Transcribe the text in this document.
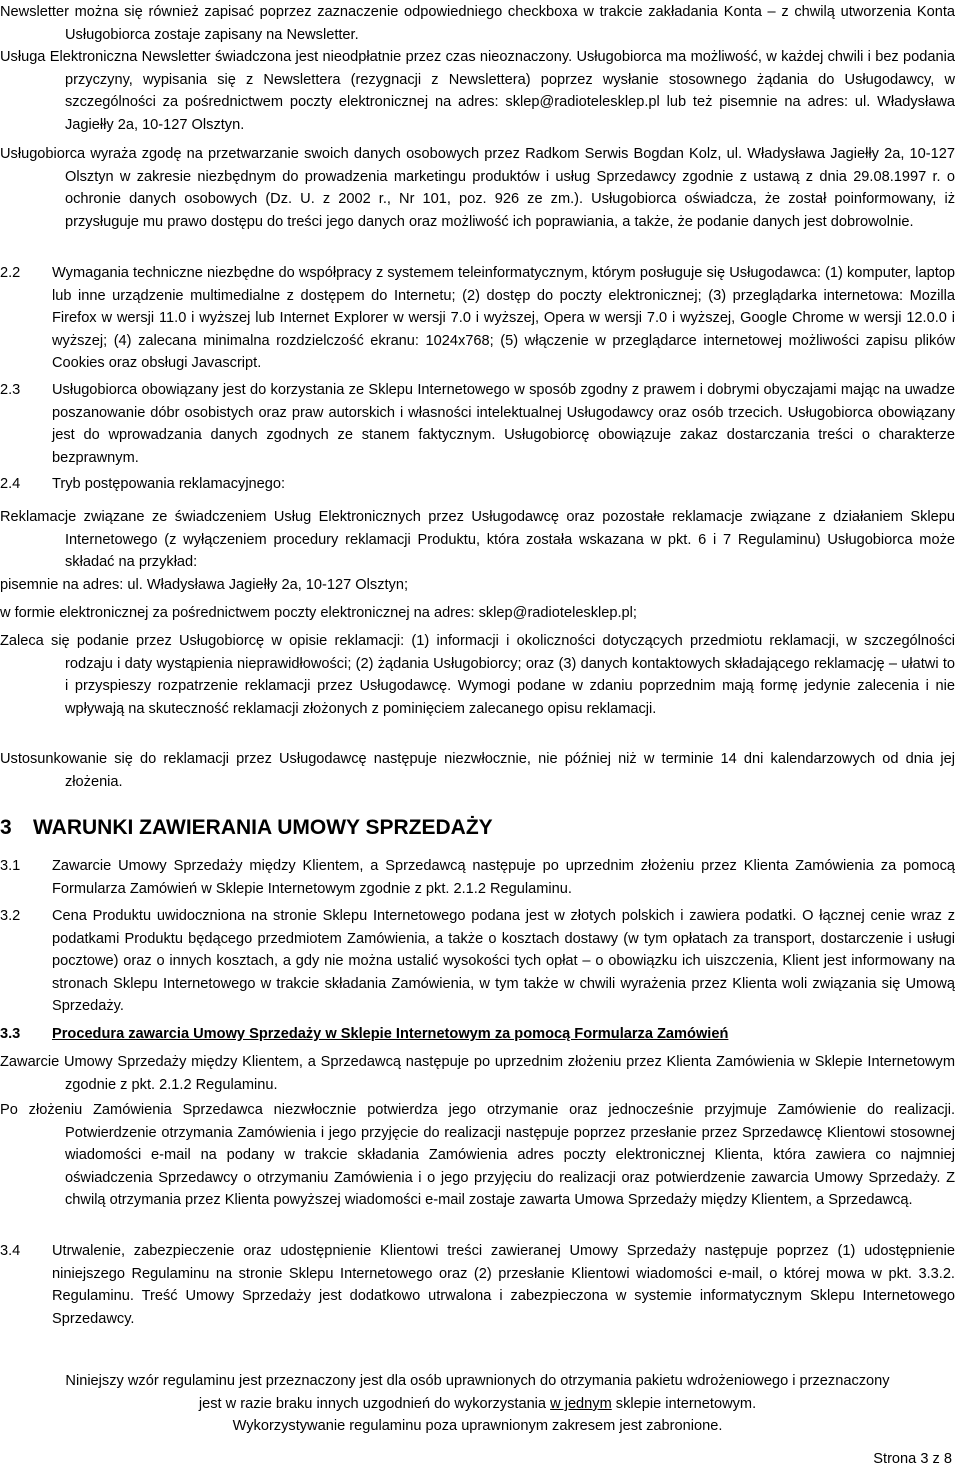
Newsletter można się również zapisać poprzez zaznaczenie odpowiedniego checkboxa w trakcie zakładania Konta – z chwilą utworzenia Konta Usługobiorca zostaje zapisany na Newsletter.

Usługa Elektroniczna Newsletter świadczona jest nieodpłatnie przez czas nieoznaczony. Usługobiorca ma możliwość, w każdej chwili i bez podania przyczyny, wypisania się z Newslettera (rezygnacji z Newslettera) poprzez wysłanie stosownego żądania do Usługodawcy, w szczególności za pośrednictwem poczty elektronicznej na adres: sklep@radiotelesklep.pl lub też pisemnie na adres: ul. Władysława Jagiełły 2a, 10-127 Olsztyn.

Usługobiorca wyraża zgodę na przetwarzanie swoich danych osobowych przez Radkom Serwis Bogdan Kolz, ul. Władysława Jagiełły 2a, 10-127 Olsztyn w zakresie niezbędnym do prowadzenia marketingu produktów i usług Sprzedawcy zgodnie z ustawą z dnia 29.08.1997 r. o ochronie danych osobowych (Dz. U. z 2002 r., Nr 101, poz. 926 ze zm.). Usługobiorca oświadcza, że został poinformowany, iż przysługuje mu prawo dostępu do treści jego danych oraz możliwość ich poprawiania, a także, że podanie danych jest dobrowolnie.

2.2	Wymagania techniczne niezbędne do współpracy z systemem teleinformatycznym, którym posługuje się Usługodawca: (1) komputer, laptop lub inne urządzenie multimedialne z dostępem do Internetu; (2) dostęp do poczty elektronicznej; (3) przeglądarka internetowa: Mozilla Firefox w wersji 11.0 i wyższej lub Internet Explorer w wersji 7.0 i wyższej, Opera w wersji 7.0 i wyższej, Google Chrome w wersji 12.0.0 i wyższej; (4) zalecana minimalna rozdzielczość ekranu: 1024x768; (5) włączenie w przeglądarce internetowej możliwości zapisu plików Cookies oraz obsługi Javascript.
2.3	Usługobiorca obowiązany jest do korzystania ze Sklepu Internetowego w sposób zgodny z prawem i dobrymi obyczajami mając na uwadze poszanowanie dóbr osobistych oraz praw autorskich i własności intelektualnej Usługodawcy oraz osób trzecich. Usługobiorca obowiązany jest do wprowadzania danych zgodnych ze stanem faktycznym. Usługobiorcę obowiązuje zakaz dostarczania treści o charakterze bezprawnym.
2.4	Tryb postępowania reklamacyjnego:

Reklamacje związane ze świadczeniem Usług Elektronicznych przez Usługodawcę oraz pozostałe reklamacje związane z działaniem Sklepu Internetowego (z wyłączeniem procedury reklamacji Produktu, która została wskazana w pkt. 6 i 7 Regulaminu) Usługobiorca może składać na przykład:

pisemnie na adres: ul. Władysława Jagiełły 2a, 10-127 Olsztyn;

w formie elektronicznej za pośrednictwem poczty elektronicznej na adres: sklep@radiotelesklep.pl;

Zaleca się podanie przez Usługobiorcę w opisie reklamacji: (1) informacji i okoliczności dotyczących przedmiotu reklamacji, w szczególności rodzaju i daty wystąpienia nieprawidłowości; (2) żądania Usługobiorcy; oraz (3) danych kontaktowych składającego reklamację – ułatwi to i przyspieszy rozpatrzenie reklamacji przez Usługodawcę. Wymogi podane w zdaniu poprzednim mają formę jedynie zalecenia i nie wpływają na skuteczność reklamacji złożonych z pominięciem zalecanego opisu reklamacji.

Ustosunkowanie się do reklamacji przez Usługodawcę następuje niezwłocznie, nie później niż w terminie 14 dni kalendarzowych od dnia jej złożenia.

3 WARUNKI ZAWIERANIA UMOWY SPRZEDAŻY
3.1	Zawarcie Umowy Sprzedaży między Klientem, a Sprzedawcą następuje po uprzednim złożeniu przez Klienta Zamówienia za pomocą Formularza Zamówień w Sklepie Internetowym zgodnie z pkt. 2.1.2 Regulaminu.
3.2	Cena Produktu uwidoczniona na stronie Sklepu Internetowego podana jest w złotych polskich i zawiera podatki. O łącznej cenie wraz z podatkami Produktu będącego przedmiotem Zamówienia, a także o kosztach dostawy (w tym opłatach za transport, dostarczenie i usługi pocztowe) oraz o innych kosztach, a gdy nie można ustalić wysokości tych opłat – o obowiązku ich uiszczenia, Klient jest informowany na stronach Sklepu Internetowego w trakcie składania Zamówienia, w tym także w chwili wyrażenia przez Klienta woli związania się Umową Sprzedaży.
3.3	Procedura zawarcia Umowy Sprzedaży w Sklepie Internetowym za pomocą Formularza Zamówień

Zawarcie Umowy Sprzedaży między Klientem, a Sprzedawcą następuje po uprzednim złożeniu przez Klienta Zamówienia w Sklepie Internetowym zgodnie z pkt. 2.1.2 Regulaminu.

Po złożeniu Zamówienia Sprzedawca niezwłocznie potwierdza jego otrzymanie oraz jednocześnie przyjmuje Zamówienie do realizacji. Potwierdzenie otrzymania Zamówienia i jego przyjęcie do realizacji następuje poprzez przesłanie przez Sprzedawcę Klientowi stosownej wiadomości e-mail na podany w trakcie składania Zamówienia adres poczty elektronicznej Klienta, która zawiera co najmniej oświadczenia Sprzedawcy o otrzymaniu Zamówienia i o jego przyjęciu do realizacji oraz potwierdzenie zawarcia Umowy Sprzedaży. Z chwilą otrzymania przez Klienta powyższej wiadomości e-mail zostaje zawarta Umowa Sprzedaży między Klientem, a Sprzedawcą.

3.4	Utrwalenie, zabezpieczenie oraz udostępnienie Klientowi treści zawieranej Umowy Sprzedaży następuje poprzez (1) udostępnienie niniejszego Regulaminu na stronie Sklepu Internetowego oraz (2) przesłanie Klientowi wiadomości e-mail, o której mowa w pkt. 3.3.2. Regulaminu. Treść Umowy Sprzedaży jest dodatkowo utrwalona i zabezpieczona w systemie informatycznym Sklepu Internetowego Sprzedawcy.
Niniejszy wzór regulaminu jest przeznaczony jest dla osób uprawnionych do otrzymania pakietu wdrożeniowego i przeznaczony
jest w razie braku innych uzgodnień do wykorzystania w jednym sklepie internetowym.
Wykorzystywanie regulaminu poza uprawnionym zakresem jest zabronione.
Strona 3 z 8
